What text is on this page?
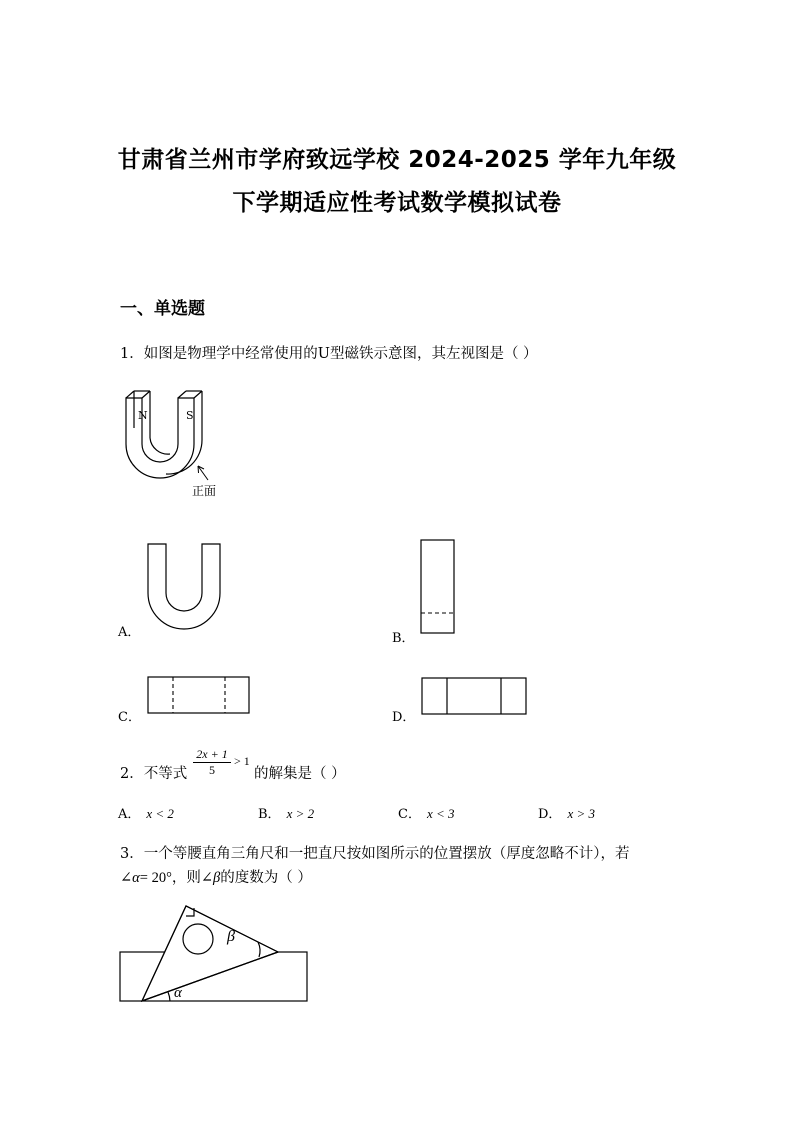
甘肃省兰州市学府致远学校 2024-2025 学年九年级
下学期适应性考试数学模拟试卷
一、单选题
1．如图是物理学中经常使用的U型磁铁示意图，其左视图是（ ）
N	S
正面
A．	B．
C．	D．
2．不等式
2x + 1
5
> 1
的解集是（ ）
A． x < 2	B． x > 2	C． x < 3	D． x > 3
3．一个等腰直角三角尺和一把直尺按如图所示的位置摆放（厚度忽略不计），若
∠α= 20°，则∠β的度数为（ ）
β
α
